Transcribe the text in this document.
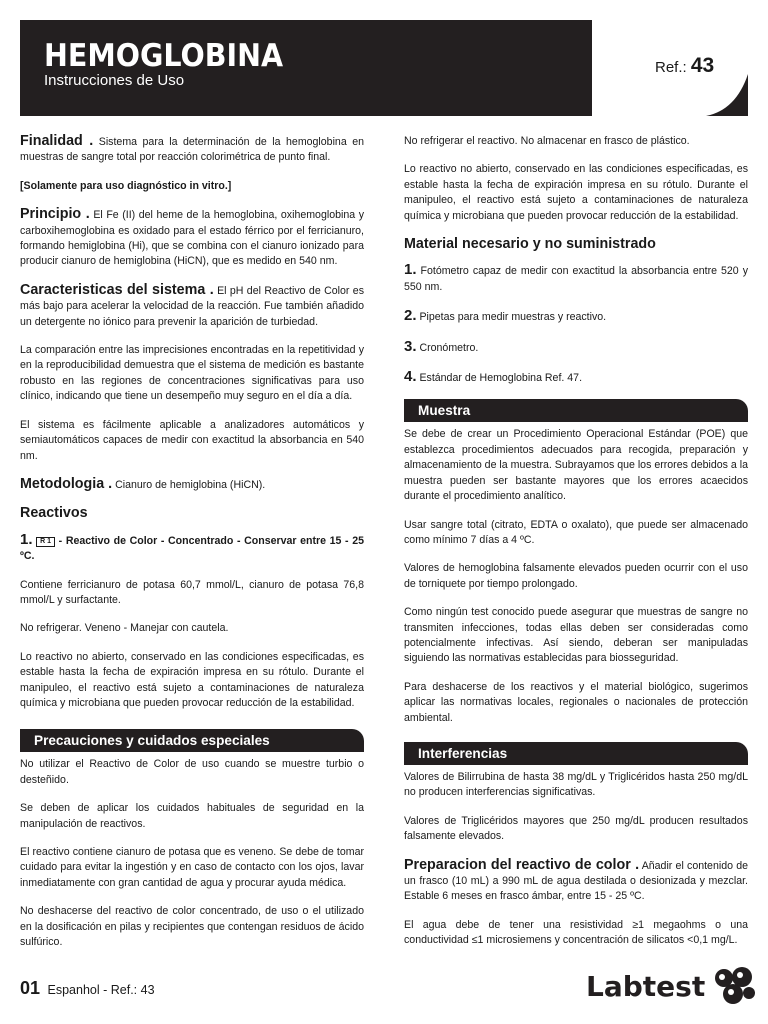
HEMOGLOBINA
Instrucciones de Uso
Ref.: 43

Finalidad . Sistema para la determinación de la hemoglobina en muestras de sangre total por reacción colorimétrica de punto final.

[Solamente para uso diagnóstico in vitro.]

Principio . El Fe (II) del heme de la hemoglobina, oxihemoglobina y carboxihemoglobina es oxidado para el estado férrico por el ferricianuro, formando hemiglobina (Hi), que se combina con el cianuro ionizado para producir cianuro de hemiglobina (HiCN), que es medido en 540 nm.

Caracteristicas del sistema . El pH del Reactivo de Color es más bajo para acelerar la velocidad de la reacción. Fue también añadido un detergente no iónico para prevenir la aparición de turbiedad.

La comparación entre las imprecisiones encontradas en la repetitividad y en la reproducibilidad demuestra que el sistema de medición es bastante robusto en las regiones de concentraciones significativas para uso clínico, indicando que tiene un desempeño muy seguro en el día a día.

El sistema es fácilmente aplicable a analizadores automáticos y semiautomáticos capaces de medir con exactitud la absorbancia en 540 nm.

Metodologia . Cianuro de hemiglobina (HiCN).

Reactivos

1. R 1 - Reactivo de Color - Concentrado - Conservar entre 15 - 25 ºC.

Contiene ferricianuro de potasa 60,7 mmol/L, cianuro de potasa 76,8 mmol/L y surfactante.

No refrigerar. Veneno - Manejar con cautela.

Lo reactivo no abierto, conservado en las condiciones especificadas, es estable hasta la fecha de expiración impresa en su rótulo. Durante el manipuleo, el reactivo está sujeto a contaminaciones de naturaleza química y microbiana que pueden provocar reducción de la estabilidad.

Precauciones y cuidados especiales

No utilizar el Reactivo de Color de uso cuando se muestre turbio o desteñido.

Se deben de aplicar los cuidados habituales de seguridad en la manipulación de reactivos.

El reactivo contiene cianuro de potasa que es veneno. Se debe de tomar cuidado para evitar la ingestión y en caso de contacto con los ojos, lavar inmediatamente con gran cantidad de agua y procurar ayuda médica.

No deshacerse del reactivo de color concentrado, de uso o el utilizado en la dosificación en pilas y recipientes que contengan residuos de ácido sulfúrico.

No refrigerar el reactivo. No almacenar en frasco de plástico.

Lo reactivo no abierto, conservado en las condiciones especificadas, es estable hasta la fecha de expiración impresa en su rótulo. Durante el manipuleo, el reactivo está sujeto a contaminaciones de naturaleza química y microbiana que pueden provocar reducción de la estabilidad.

Material necesario y no suministrado

1. Fotómetro capaz de medir con exactitud la absorbancia entre 520 y 550 nm.

2. Pipetas para medir muestras y reactivo.

3. Cronómetro.

4. Estándar de Hemoglobina Ref. 47.

Muestra

Se debe de crear un Procedimiento Operacional Estándar (POE) que establezca procedimientos adecuados para recogida, preparación y almacenamiento de la muestra. Subrayamos que los errores debidos a la muestra pueden ser bastante mayores que los errores acaecidos durante el procedimiento analítico.

Usar sangre total (citrato, EDTA o oxalato), que puede ser almacenado como mínimo 7 días a 4 ºC.

Valores de hemoglobina falsamente elevados pueden ocurrir con el uso de torniquete por tiempo prolongado.

Como ningún test conocido puede asegurar que muestras de sangre no transmiten infecciones, todas ellas deben ser consideradas como potencialmente infectivas. Así siendo, deberan ser manipuladas siguiendo las normativas establecidas para biosseguridad.

Para deshacerse de los reactivos y el material biológico, sugerimos aplicar las normativas locales, regionales o nacionales de protección ambiental.

Interferencias

Valores de Bilirrubina de hasta 38 mg/dL y Triglicéridos hasta 250 mg/dL no producen interferencias significativas.

Valores de Triglicéridos mayores que 250 mg/dL producen resultados falsamente elevados.

Preparacion del reactivo de color . Añadir el contenido de un frasco (10 mL) a 990 mL de agua destilada o desionizada y mezclar. Estable 6 meses en frasco ámbar, entre 15 - 25 ºC.

El agua debe de tener una resistividad ≥1 megaohms o una conductividad ≤1 microsiemens y concentración de silicatos <0,1 mg/L.

01 Espanhol - Ref.: 43	Labtest
